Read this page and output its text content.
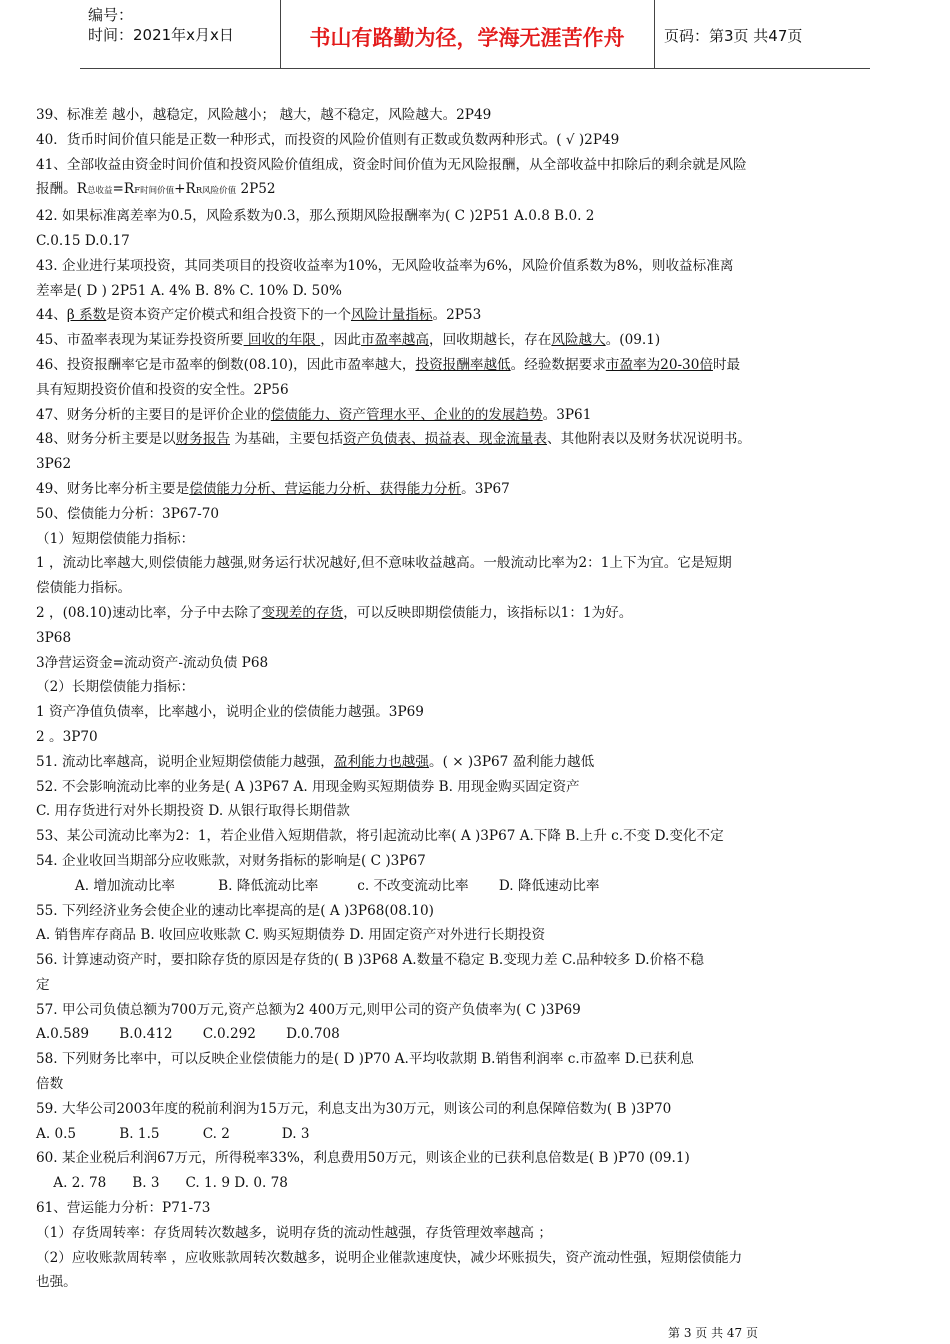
编号：
时间：2021年x月x日	书山有路勤为径，学海无涯苦作舟	页码：第3页 共47页
39、标准差 越小，越稳定，风险越小； 越大，越不稳定，风险越大。2P49
40．货币时间价值只能是正数一种形式，而投资的风险价值则有正数或负数两种形式。( √ )2P49
41、全部收益由资金时间价值和投资风险价值组成，资金时间价值为无风险报酬，从全部收益中扣除后的剩余就是风险
报酬。R总收益=RF时间价值+RR风险价值 2P52
42. 如果标准离差率为0.5，风险系数为0.3，那么预期风险报酬率为( C )2P51 A.0.8 B.0. 2
C.0.15 D.0.17
43. 企业进行某项投资，其同类项目的投资收益率为10%，无风险收益率为6%，风险价值系数为8%，则收益标准离
差率是( D ) 2P51 A. 4% B. 8% C. 10% D. 50%
44、β 系数是资本资产定价模式和组合投资下的一个风险计量指标。2P53
45、市盈率表现为某证券投资所要 回收的年限 ，因此市盈率越高，回收期越长，存在风险越大。(09.1)
46、投资报酬率它是市盈率的倒数(08.10)，因此市盈率越大，投资报酬率越低。经验数据要求市盈率为20-30倍时最
具有短期投资价值和投资的安全性。2P56
47、财务分析的主要目的是评价企业的偿债能力、资产管理水平、企业的的发展趋势。3P61
48、财务分析主要是以财务报告 为基础，主要包括资产负债表、损益表、现金流量表、其他附表以及财务状况说明书。
3P62
49、财务比率分析主要是偿债能力分析、营运能力分析、获得能力分析。3P67
50、偿债能力分析：3P67-70
（1）短期偿债能力指标：
1 ，流动比率越大,则偿债能力越强,财务运行状况越好,但不意味收益越高。一般流动比率为2：1上下为宜。它是短期
偿债能力指标。
2 ，(08.10)速动比率，分子中去除了变现差的存货，可以反映即期偿债能力，该指标以1：1为好。
3P68
3净营运资金=流动资产-流动负债 P68
（2）长期偿债能力指标：
1 资产净值负债率，比率越小，说明企业的偿债能力越强。3P69
2 。3P70
51. 流动比率越高，说明企业短期偿债能力越强，盈利能力也越强。( × )3P67 盈利能力越低
52. 不会影响流动比率的业务是( A )3P67 A. 用现金购买短期债券 B. 用现金购买固定资产
C. 用存货进行对外长期投资 D. 从银行取得长期借款
53、某公司流动比率为2：1，若企业借入短期借款，将引起流动比率( A )3P67 A.下降 B.上升 c.不变 D.变化不定
54. 企业收回当期部分应收账款，对财务指标的影响是( C )3P67
A. 增加流动比率          B. 降低流动比率         c. 不改变流动比率       D. 降低速动比率
55. 下列经济业务会使企业的速动比率提高的是( A )3P68(08.10)
A. 销售库存商品 B. 收回应收账款 C. 购买短期债券 D. 用固定资产对外进行长期投资
56. 计算速动资产时，要扣除存货的原因是存货的( B )3P68 A.数量不稳定 B.变现力差 C.品种较多 D.价格不稳
定
57. 甲公司负债总额为700万元,资产总额为2 400万元,则甲公司的资产负债率为( C )3P69
A.0.589       B.0.412       C.0.292       D.0.708
58. 下列财务比率中，可以反映企业偿债能力的是( D )P70 A.平均收款期 B.销售利润率 c.市盈率 D.已获利息
倍数
59. 大华公司2003年度的税前利润为15万元，利息支出为30万元，则该公司的利息保障倍数为( B )3P70
A. 0.5          B. 1.5          C. 2            D. 3
60. 某企业税后利润67万元，所得税率33%，利息费用50万元，则该企业的已获利息倍数是( B )P70 (09.1)
A. 2. 78      B. 3      C. 1. 9 D. 0. 78
61、营运能力分析：P71-73
（1）存货周转率：存货周转次数越多，说明存货的流动性越强，存货管理效率越高 ；
（2）应收账款周转率 ，应收账款周转次数越多，说明企业催款速度快，减少坏账损失，资产流动性强，短期偿债能力
也强。
第 3 页 共 47 页
